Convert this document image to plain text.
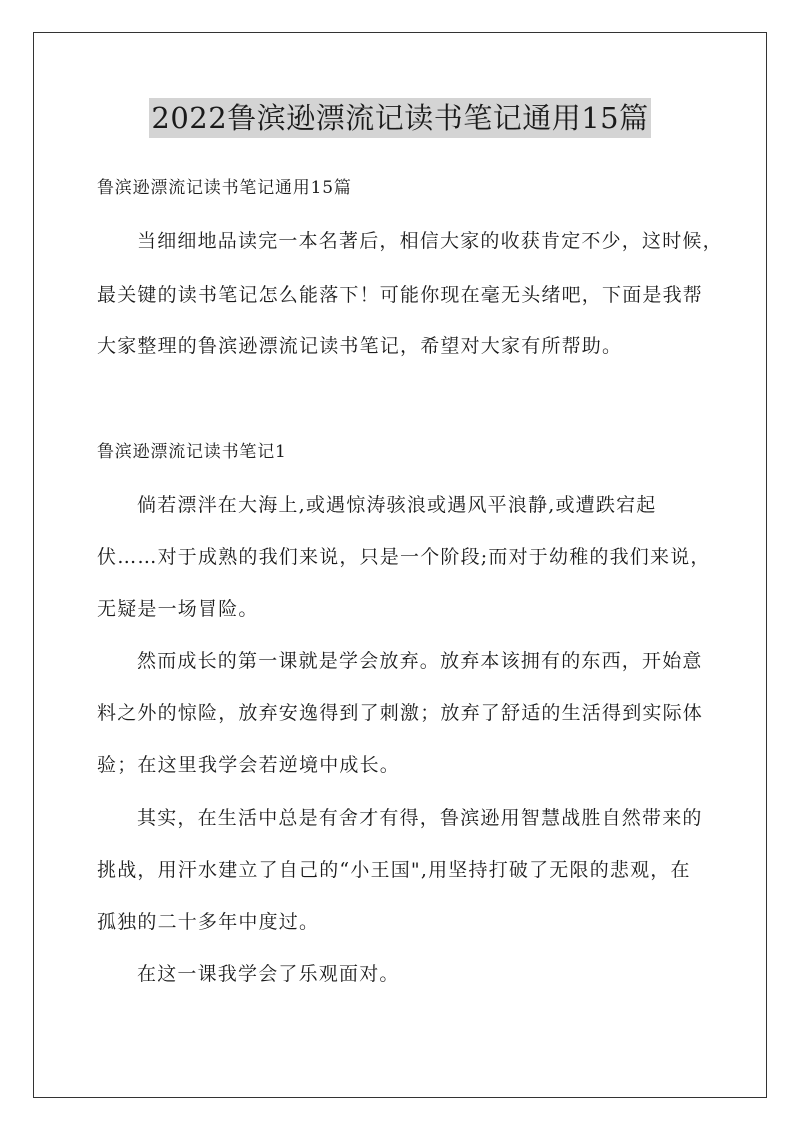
2022鲁滨逊漂流记读书笔记通用15篇
鲁滨逊漂流记读书笔记通用15篇
当细细地品读完一本名著后，相信大家的收获肯定不少，这时候，
最关键的读书笔记怎么能落下！可能你现在毫无头绪吧，下面是我帮
大家整理的鲁滨逊漂流记读书笔记，希望对大家有所帮助。
鲁滨逊漂流记读书笔记1
倘若漂泮在大海上,或遇惊涛骇浪或遇风平浪静,或遭跌宕起
伏……对于成熟的我们来说，只是一个阶段;而对于幼稚的我们来说，
无疑是一场冒险。
然而成长的第一课就是学会放弃。放弃本该拥有的东西，开始意
料之外的惊险，放弃安逸得到了刺激；放弃了舒适的生活得到实际体
验；在这里我学会若逆境中成长。
其实，在生活中总是有舍才有得，鲁滨逊用智慧战胜自然带来的
挑战，用汗水建立了自己的“小王国",用坚持打破了无限的悲观，在
孤独的二十多年中度过。
在这一课我学会了乐观面对。
